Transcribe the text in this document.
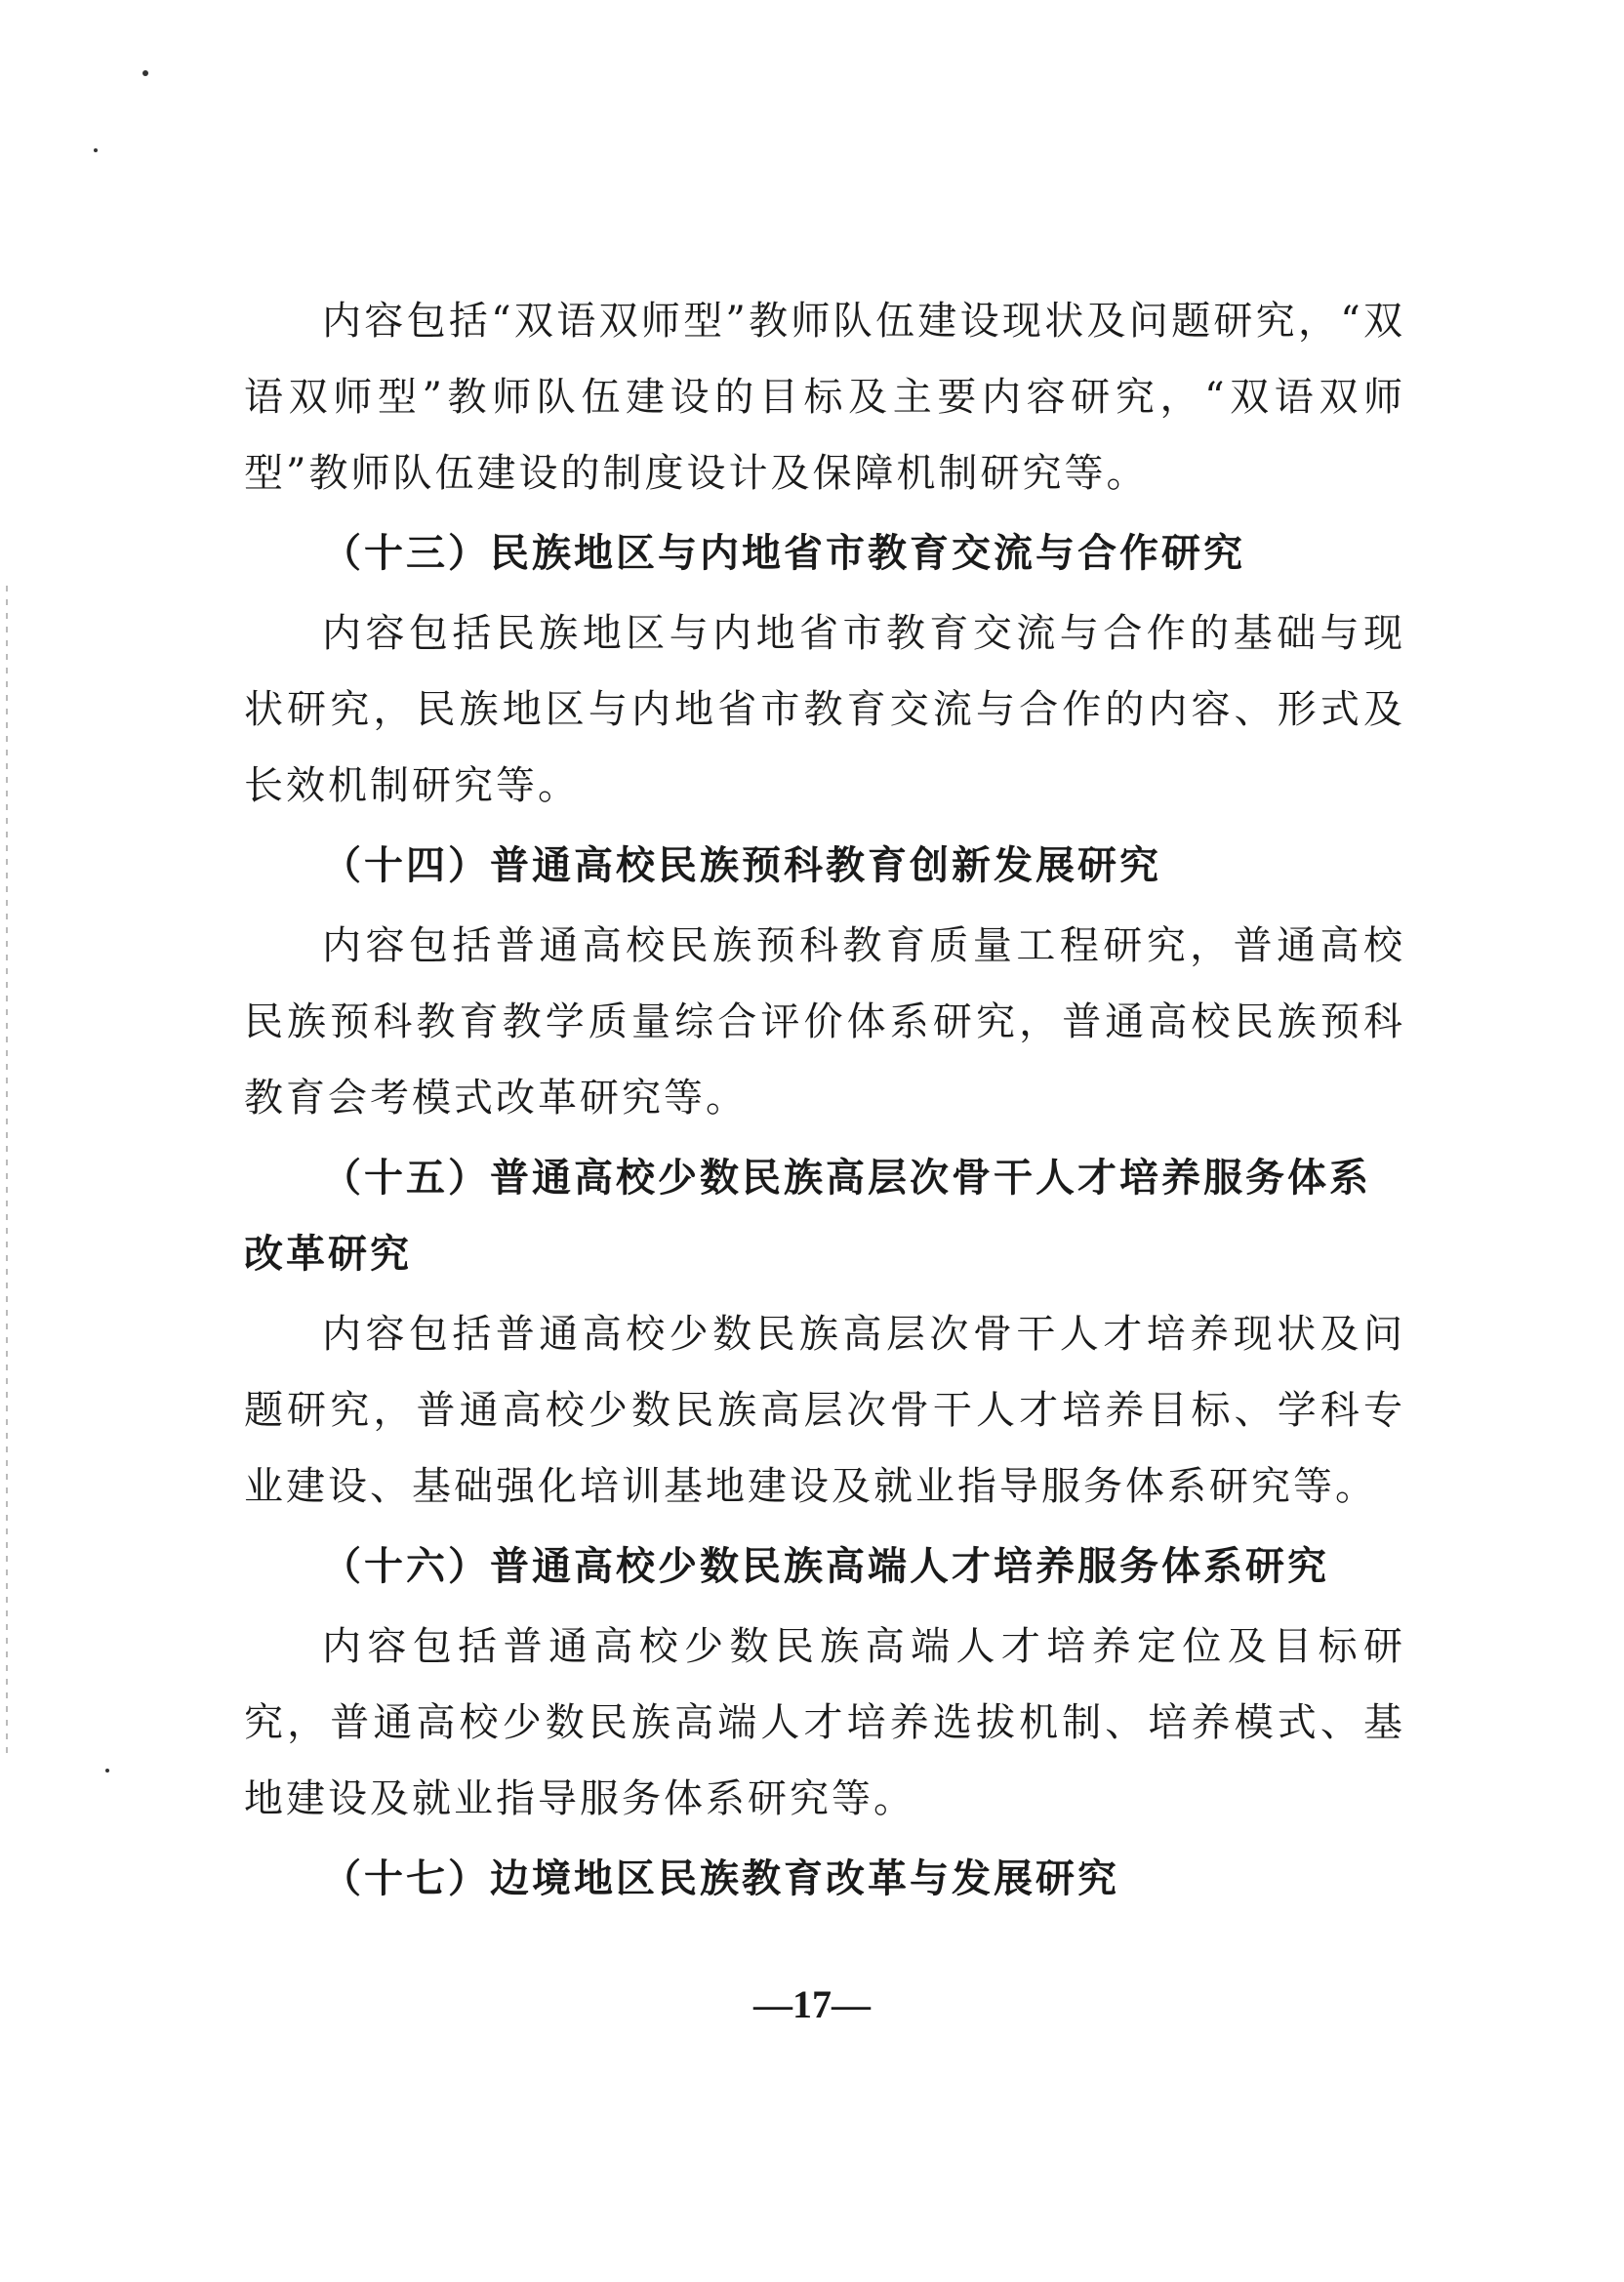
内容包括“双语双师型”教师队伍建设现状及问题研究，“双语双师型”教师队伍建设的目标及主要内容研究，“双语双师型”教师队伍建设的制度设计及保障机制研究等。

（十三）民族地区与内地省市教育交流与合作研究

内容包括民族地区与内地省市教育交流与合作的基础与现状研究，民族地区与内地省市教育交流与合作的内容、形式及长效机制研究等。

（十四）普通高校民族预科教育创新发展研究

内容包括普通高校民族预科教育质量工程研究，普通高校民族预科教育教学质量综合评价体系研究，普通高校民族预科教育会考模式改革研究等。

（十五）普通高校少数民族高层次骨干人才培养服务体系改革研究

内容包括普通高校少数民族高层次骨干人才培养现状及问题研究，普通高校少数民族高层次骨干人才培养目标、学科专业建设、基础强化培训基地建设及就业指导服务体系研究等。

（十六）普通高校少数民族高端人才培养服务体系研究

内容包括普通高校少数民族高端人才培养定位及目标研究，普通高校少数民族高端人才培养选拔机制、培养模式、基地建设及就业指导服务体系研究等。

（十七）边境地区民族教育改革与发展研究

—17—
